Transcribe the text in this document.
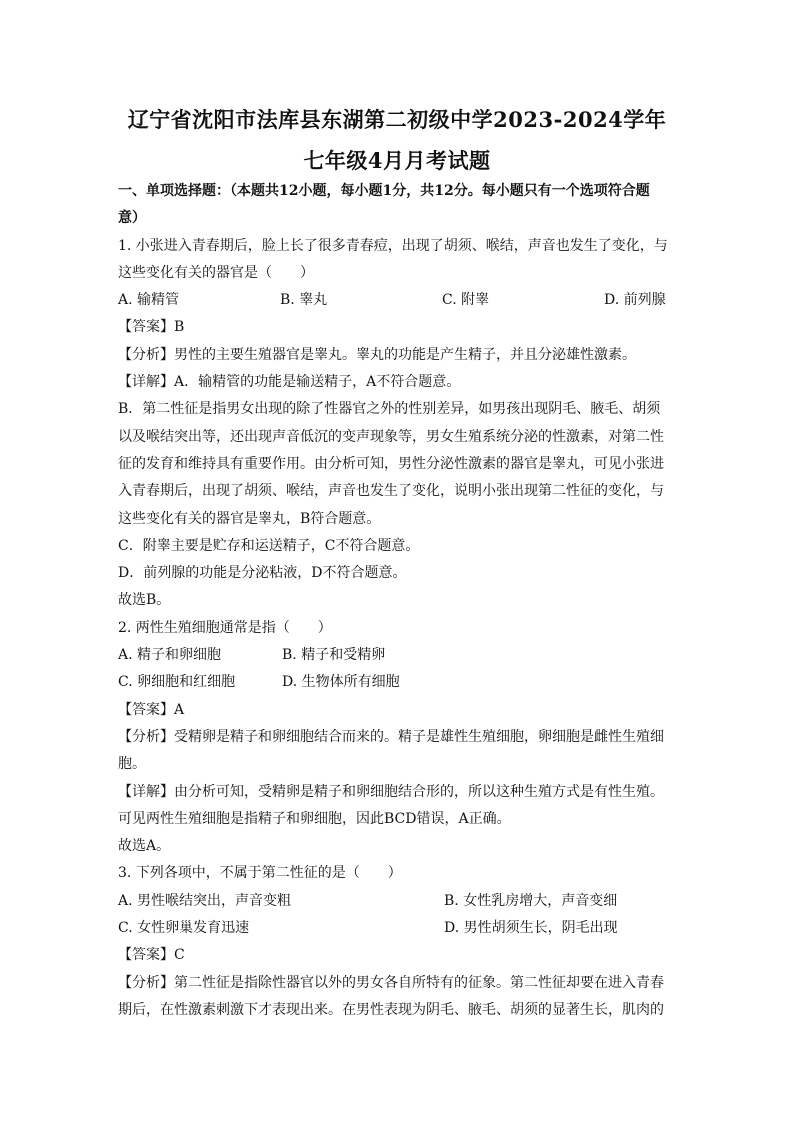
辽宁省沈阳市法库县东湖第二初级中学2023-2024学年
七年级4月月考试题
一、单项选择题：（本题共12小题，每小题1分，共12分。每小题只有一个选项符合题
意）
1. 小张进入青春期后，脸上长了很多青春痘，出现了胡须、喉结，声音也发生了变化，与
这些变化有关的器官是（　　）
A. 输精管	B. 睾丸	C. 附睾	D. 前列腺
【答案】B
【分析】男性的主要生殖器官是睾丸。睾丸的功能是产生精子，并且分泌雄性激素。
【详解】A．输精管的功能是输送精子，A不符合题意。
B．第二性征是指男女出现的除了性器官之外的性别差异，如男孩出现阴毛、腋毛、胡须
以及喉结突出等，还出现声音低沉的变声现象等，男女生殖系统分泌的性激素，对第二性
征的发育和维持具有重要作用。由分析可知，男性分泌性激素的器官是睾丸，可见小张进
入青春期后，出现了胡须、喉结，声音也发生了变化，说明小张出现第二性征的变化，与
这些变化有关的器官是睾丸，B符合题意。
C．附睾主要是贮存和运送精子，C不符合题意。
D．前列腺的功能是分泌粘液，D不符合题意。
故选B。
2. 两性生殖细胞通常是指（　　）
A. 精子和卵细胞	B. 精子和受精卵
C. 卵细胞和红细胞	D. 生物体所有细胞
【答案】A
【分析】受精卵是精子和卵细胞结合而来的。精子是雄性生殖细胞，卵细胞是雌性生殖细
胞。
【详解】由分析可知，受精卵是精子和卵细胞结合形的，所以这种生殖方式是有性生殖。
可见两性生殖细胞是指精子和卵细胞，因此BCD错误，A正确。
故选A。
3. 下列各项中，不属于第二性征的是（　　）
A. 男性喉结突出，声音变粗	B. 女性乳房增大，声音变细
C. 女性卵巢发育迅速	D. 男性胡须生长，阴毛出现
【答案】C
【分析】第二性征是指除性器官以外的男女各自所特有的征象。第二性征却要在进入青春
期后，在性激素刺激下才表现出来。在男性表现为阴毛、腋毛、胡须的显著生长，肌肉的
